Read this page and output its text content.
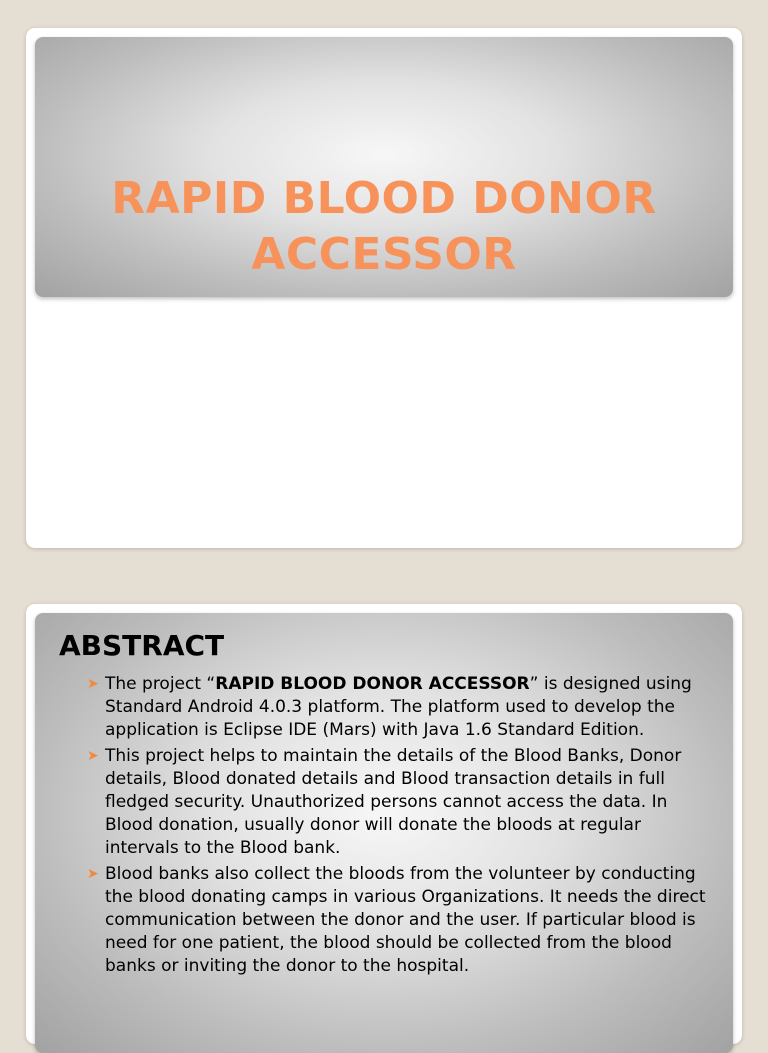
RAPID BLOOD DONOR
ACCESSOR
ABSTRACT
➤ The project “RAPID BLOOD DONOR ACCESSOR” is designed using Standard Android 4.0.3 platform. The platform used to develop the application is Eclipse IDE (Mars) with Java 1.6 Standard Edition.
➤ This project helps to maintain the details of the Blood Banks, Donor details, Blood donated details and Blood transaction details in full fledged security. Unauthorized persons cannot access the data. In Blood donation, usually donor will donate the bloods at regular intervals to the Blood bank.
➤ Blood banks also collect the bloods from the volunteer by conducting the blood donating camps in various Organizations. It needs the direct communication between the donor and the user. If particular blood is need for one patient, the blood should be collected from the blood banks or inviting the donor to the hospital.
